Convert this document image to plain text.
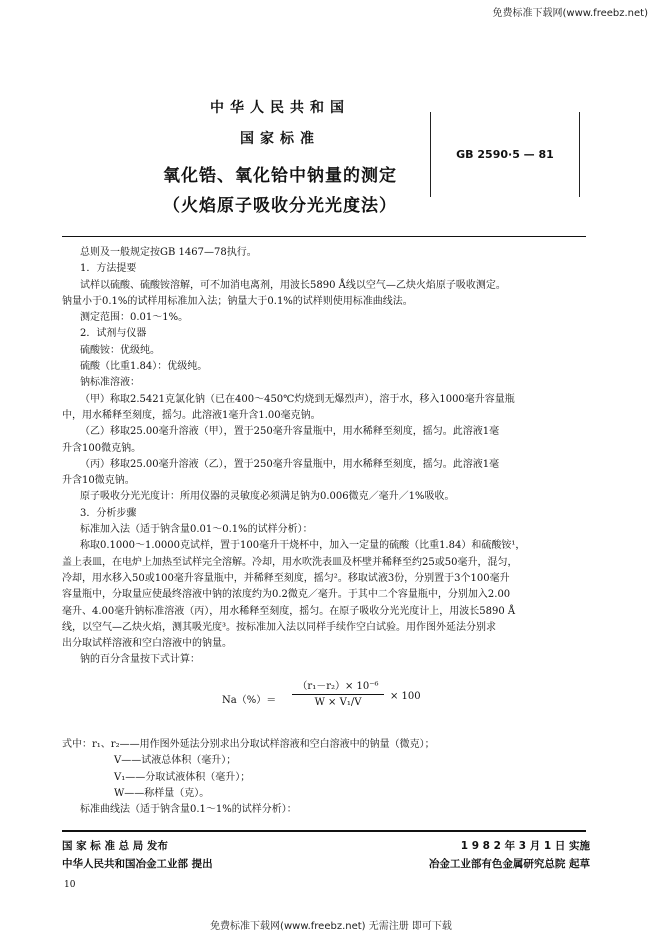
免费标准下载网(www.freebz.net)
中华人民共和国
国家标准
氧化锆、氧化铪中钠量的测定
（火焰原子吸收分光光度法）
GB 2590·5 — 81

总则及一般规定按GB 1467—78执行。

1．方法提要

试样以硫酸、硫酸铵溶解，可不加消电离剂，用波长5890 Å线以空气—乙炔火焰原子吸收测定。

钠量小于0.1%的试样用标准加入法；钠量大于0.1%的试样则使用标准曲线法。

测定范围：0.01～1%。

2．试剂与仪器

硫酸铵：优级纯。

硫酸（比重1.84）：优级纯。

钠标准溶液：

（甲）称取2.5421克氯化钠（已在400～450℃灼烧到无爆烈声），溶于水，移入1000毫升容量瓶

中，用水稀释至刻度，摇匀。此溶液1毫升含1.00毫克钠。

（乙）移取25.00毫升溶液（甲），置于250毫升容量瓶中，用水稀释至刻度，摇匀。此溶液1毫

升含100微克钠。

（丙）移取25.00毫升溶液（乙），置于250毫升容量瓶中，用水稀释至刻度，摇匀。此溶液1毫

升含10微克钠。

原子吸收分光光度计：所用仪器的灵敏度必须满足钠为0.006微克／毫升／1%吸收。

3．分析步骤

标准加入法（适于钠含量0.01～0.1%的试样分析）：

称取0.1000～1.0000克试样，置于100毫升干烧杯中，加入一定量的硫酸（比重1.84）和硫酸铵¹，

盖上表皿，在电炉上加热至试样完全溶解。冷却，用水吹洗表皿及杯壁并稀释至约25或50毫升，混匀，

冷却，用水移入50或100毫升容量瓶中，并稀释至刻度，摇匀²。移取试液3份，分别置于3个100毫升

容量瓶中，分取量应使最终溶液中钠的浓度约为0.2微克／毫升。于其中二个容量瓶中，分别加入2.00

毫升、4.00毫升钠标准溶液（丙），用水稀释至刻度，摇匀。在原子吸收分光光度计上，用波长5890 Å

线，以空气—乙炔火焰，测其吸光度³。按标准加入法以同样手续作空白试验。用作图外延法分别求

出分取试样溶液和空白溶液中的钠量。

钠的百分含量按下式计算：

$Na(\%)= \frac{\text{（r₁－r₂）× 10⁻⁶}}{\text{W × V₁/V}} \times 100$

式中：r₁、r₂——用作图外延法分别求出分取试样溶液和空白溶液中的钠量（微克）；

V——试液总体积（毫升）；

V₁——分取试液体积（毫升）；

W——称样量（克）。

标准曲线法（适于钠含量0.1～1%的试样分析）：

国 家 标 准 总 局 发布	1 9 8 2 年 3 月 1 日 实施
中华人民共和国冶金工业部 提出	冶金工业部有色金属研究总院 起草
10
免费标准下载网(www.freebz.net) 无需注册 即可下载
